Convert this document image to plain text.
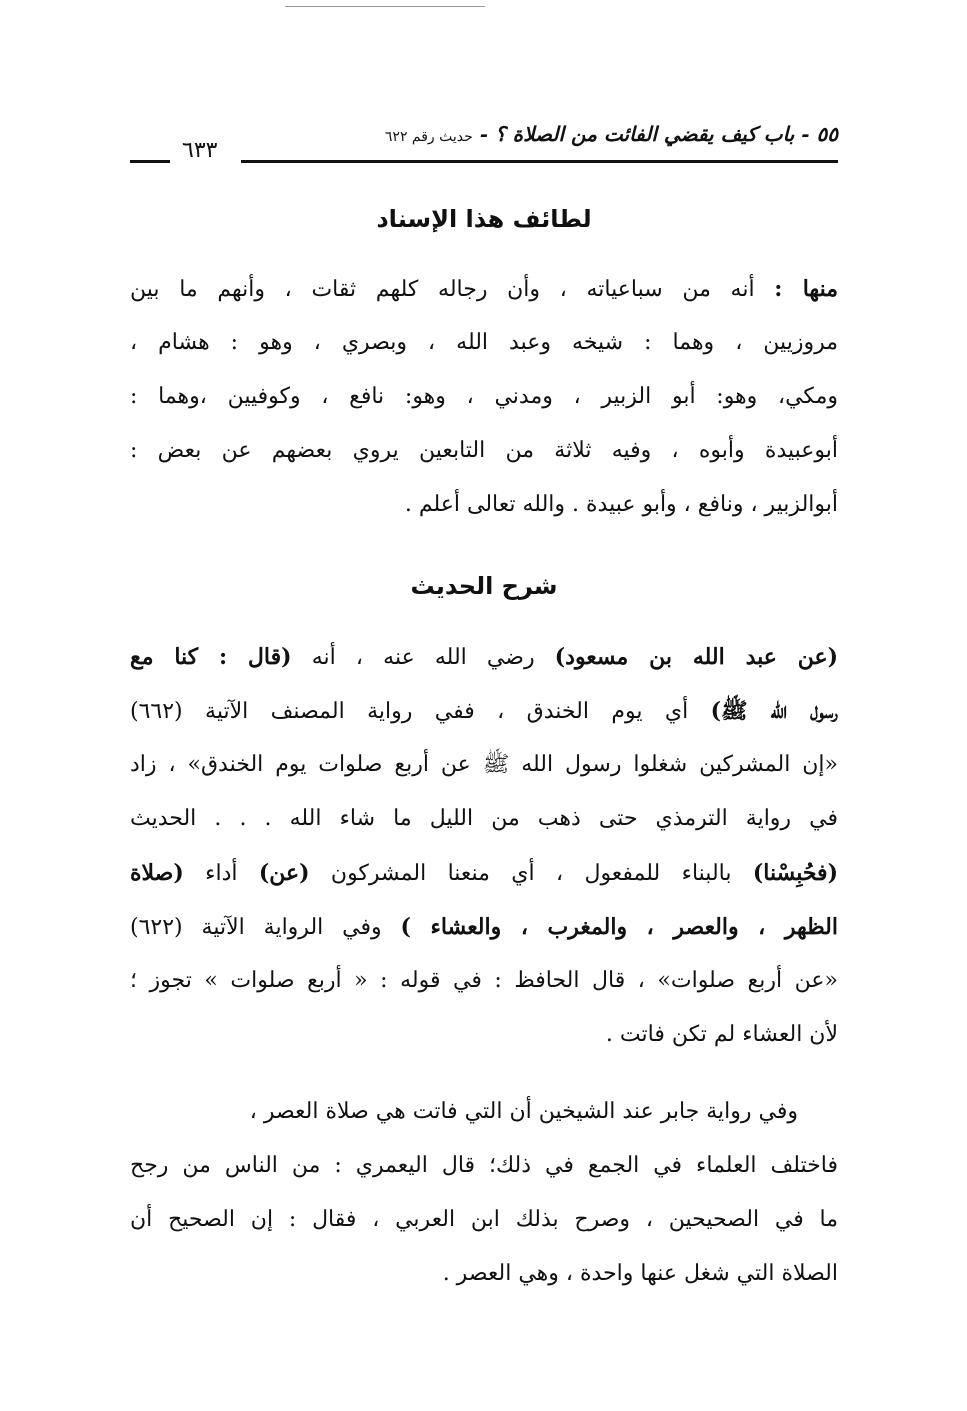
٥٥ - باب كيف يقضي الفائت من الصلاة ؟ - حديث رقم ٦٢٢
٦٣٣
لطائف هذا الإسناد
منها : أنه من سباعياته ، وأن رجاله كلهم ثقات ، وأنهم ما بين
مروزيين ، وهما : شيخه وعبد الله ، وبصري ، وهو : هشام ،
ومكي، وهو: أبو الزبير ، ومدني ، وهو: نافع ، وكوفيين ،وهما :
أبوعبيدة وأبوه ، وفيه ثلاثة من التابعين يروي بعضهم عن بعض :
أبوالزبير ، ونافع ، وأبو عبيدة . والله تعالى أعلم .
شرح الحديث
(عن عبد الله بن مسعود) رضي الله عنه ، أنه (قال : كنا مع
رسول الله ﷺ) أي يوم الخندق ، ففي رواية المصنف الآتية (٦٦٢)
«إن المشركين شغلوا رسول الله ﷺ عن أربع صلوات يوم الخندق» ، زاد
في رواية الترمذي حتى ذهب من الليل ما شاء الله . . . الحديث
(فحُبِسْنا) بالبناء للمفعول ، أي منعنا المشركون (عن) أداء (صلاة
الظهر ، والعصر ، والمغرب ، والعشاء ) وفي الرواية الآتية (٦٢٢)
«عن أربع صلوات» ، قال الحافظ : في قوله : « أربع صلوات » تجوز ؛
لأن العشاء لم تكن فاتت .
وفي رواية جابر عند الشيخين أن التي فاتت هي صلاة العصر ،
فاختلف العلماء في الجمع في ذلك؛ قال اليعمري : من الناس من رجح
ما في الصحيحين ، وصرح بذلك ابن العربي ، فقال : إن الصحيح أن
الصلاة التي شغل عنها واحدة ، وهي العصر .
